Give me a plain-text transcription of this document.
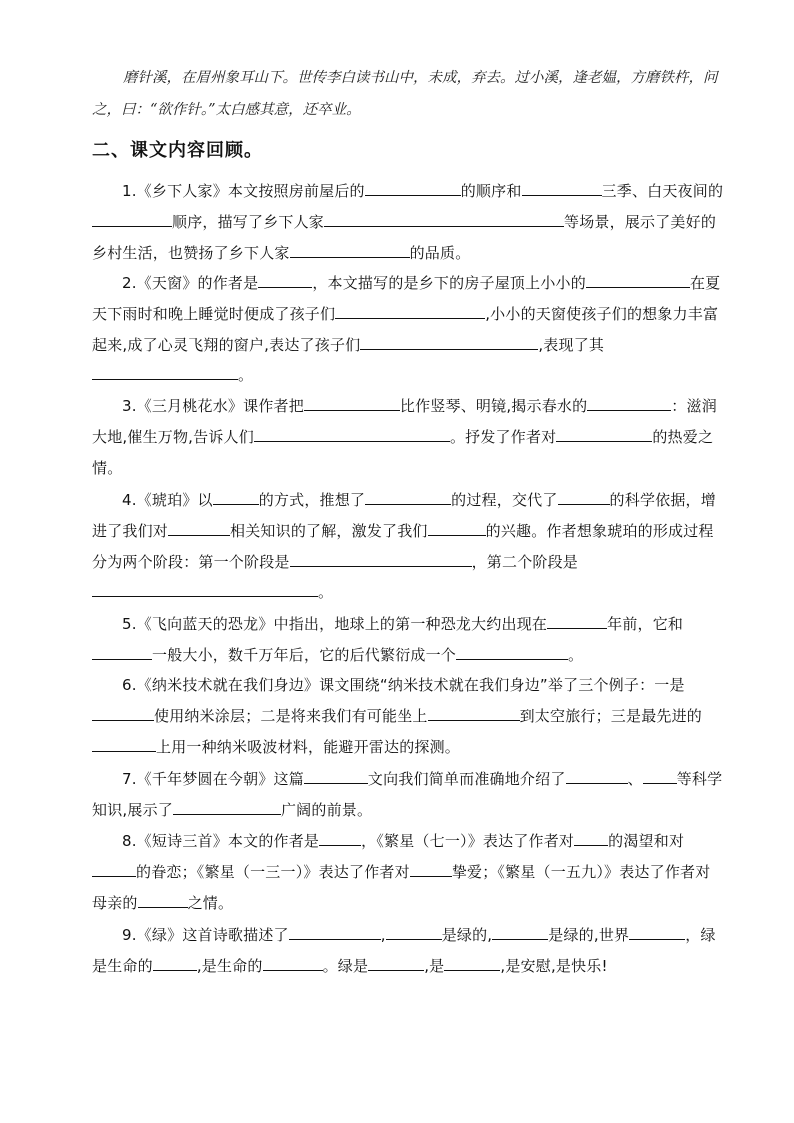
磨针溪，在眉州象耳山下。世传李白读书山中，未成，弃去。过小溪，逢老媪，方磨铁杵，问之，曰：“欲作针。”太白感其意，还卒业。
二、课文内容回顾。
1.《乡下人家》本文按照房前屋后的	的顺序和	三季、白天夜间的顺序，描写了乡下人家	等场景，展示了美好的乡村生活，也赞扬了乡下人家	的品质。
2.《天窗》的作者是	，本文描写的是乡下的房子屋顶上小小的	在夏天下雨时和晚上睡觉时便成了孩子们	,小小的天窗使孩子们的想象力丰富起来,成了心灵飞翔的窗户,表达了孩子们	,表现了其。
3.《三月桃花水》课作者把	比作竖琴、明镜,揭示春水的	：滋润大地,催生万物,告诉人们	。抒发了作者对	的热爱之情。
4.《琥珀》以	的方式，推想了	的过程，交代了	的科学依据，增进了我们对	相关知识的了解，激发了我们	的兴趣。作者想象琥珀的形成过程分为两个阶段：第一个阶段是	，第二个阶段是。
5.《飞向蓝天的恐龙》中指出，地球上的第一种恐龙大约出现在	年前，它和一般大小，数千万年后，它的后代繁衍成一个	。
6.《纳米技术就在我们身边》课文围绕“纳米技术就在我们身边”举了三个例子：一是使用纳米涂层；二是将来我们有可能坐上	到太空旅行；三是最先进的上用一种纳米吸波材料，能避开雷达的探测。
7.《千年梦圆在今朝》这篇	文向我们简单而准确地介绍了	、 等科学知识,展示了	广阔的前景。
8.《短诗三首》本文的作者是	，《繁星（七一）》表达了作者对 的渴望和对的眷恋；《繁星（一三一）》表达了作者对	挚爱；《繁星（一五九）》表达了作者对母亲的	之情。
9.《绿》这首诗歌描述了	,	是绿的,	是绿的,世界	，绿是生命的	,是生命的	。绿是	,是	,是安慰,是快乐!
